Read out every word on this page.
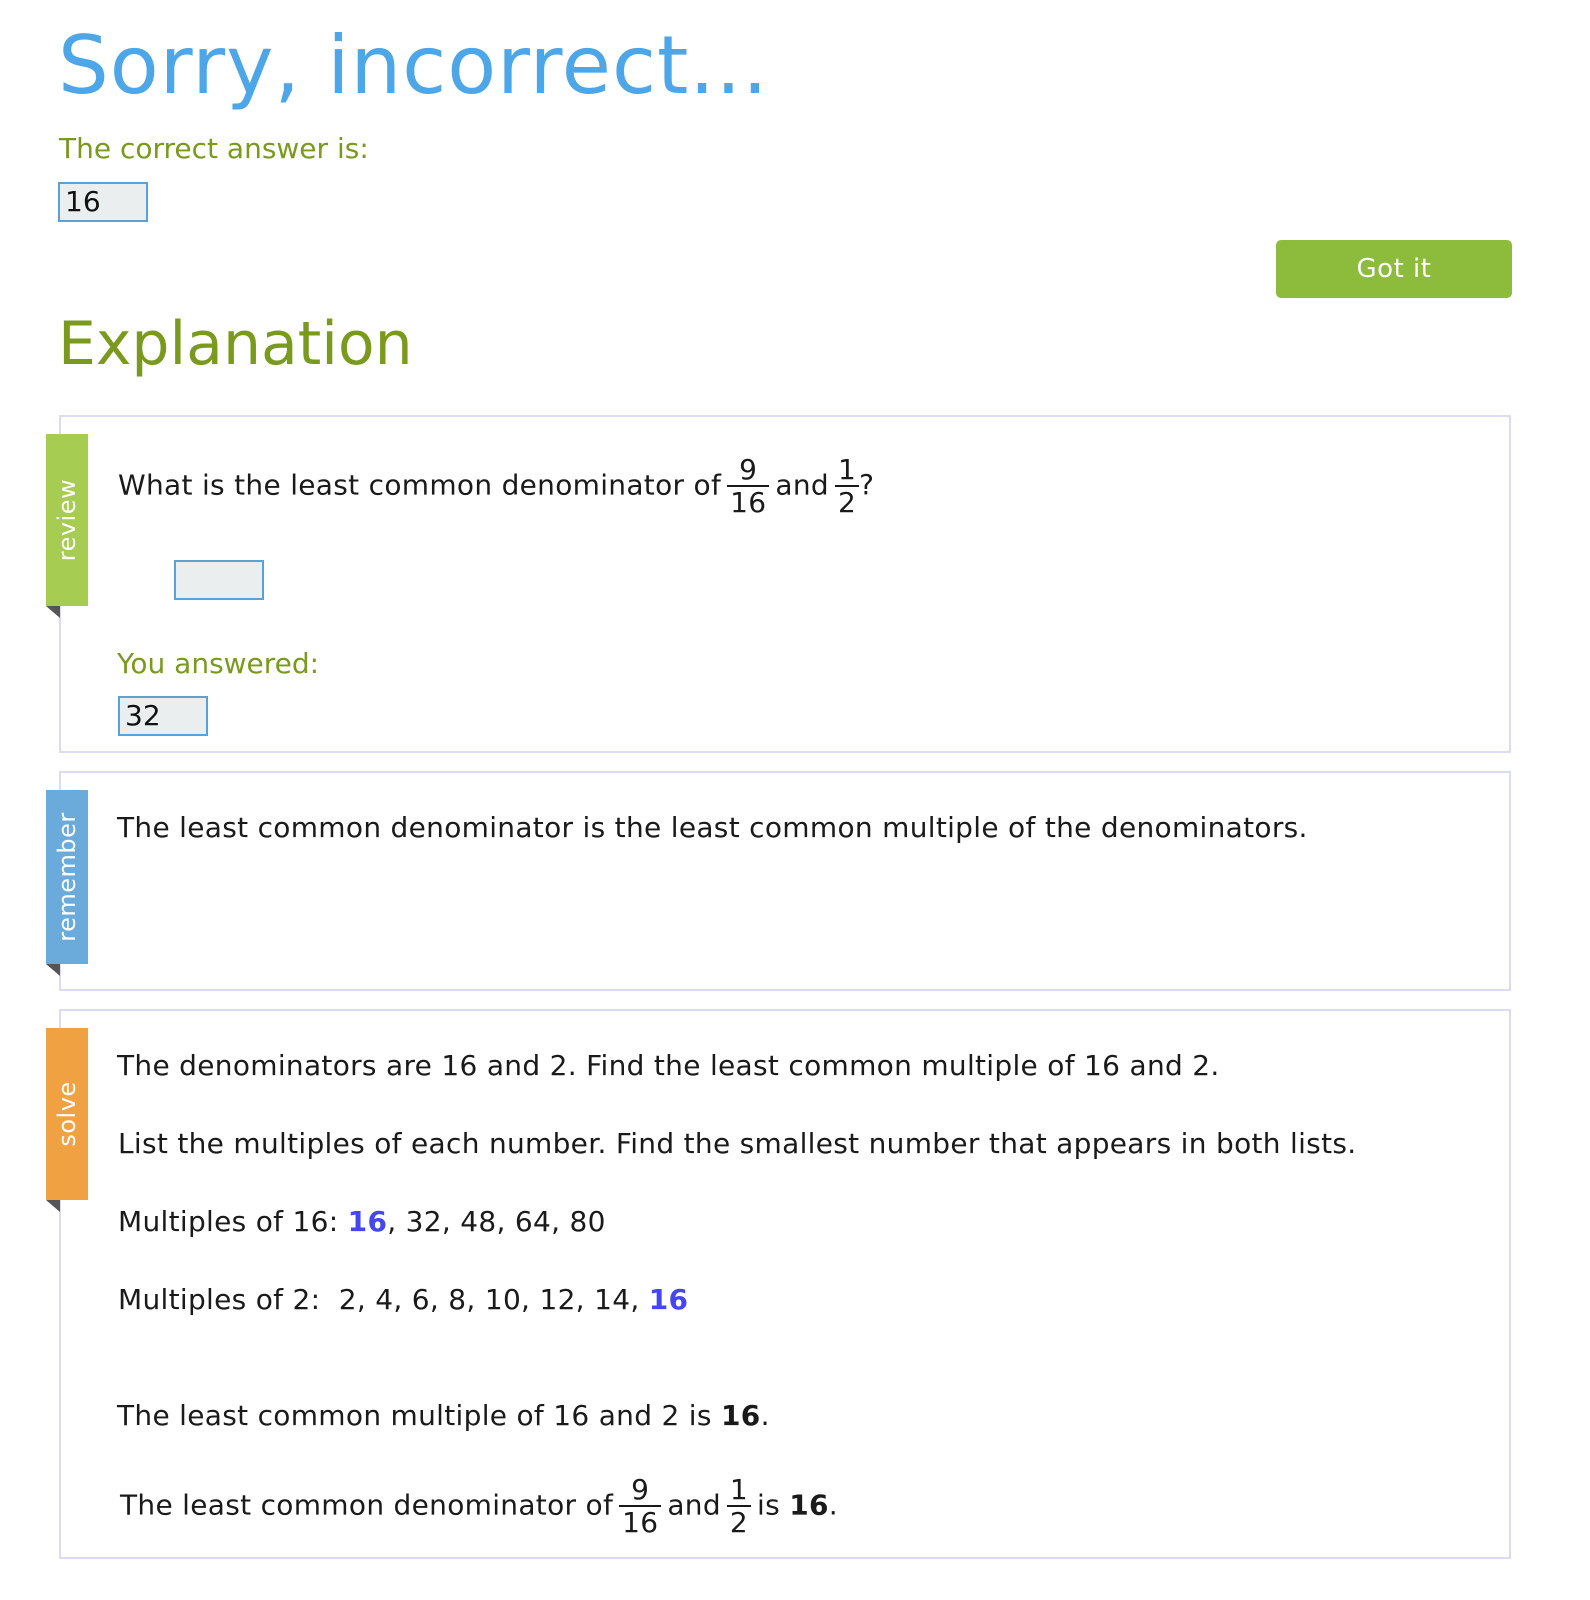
Sorry, incorrect...
The correct answer is:
16
Got it
Explanation
review What is the least common denominator of $\frac{9}{16}$ and $\frac{1}{2}$ ?
You answered:
32
remember The least common denominator is the least common multiple of the denominators.
solve
The denominators are 16 and 2. Find the least common multiple of 16 and 2.
List the multiples of each number. Find the smallest number that appears in both lists.
Multiples of 16: 16, 32, 48, 64, 80
Multiples of 2: 2, 4, 6, 8, 10, 12, 14, 16
The least common multiple of 16 and 2 is 16.
The least common denominator of $\frac{9}{16}$ and $\frac{1}{2}$ is 16.
